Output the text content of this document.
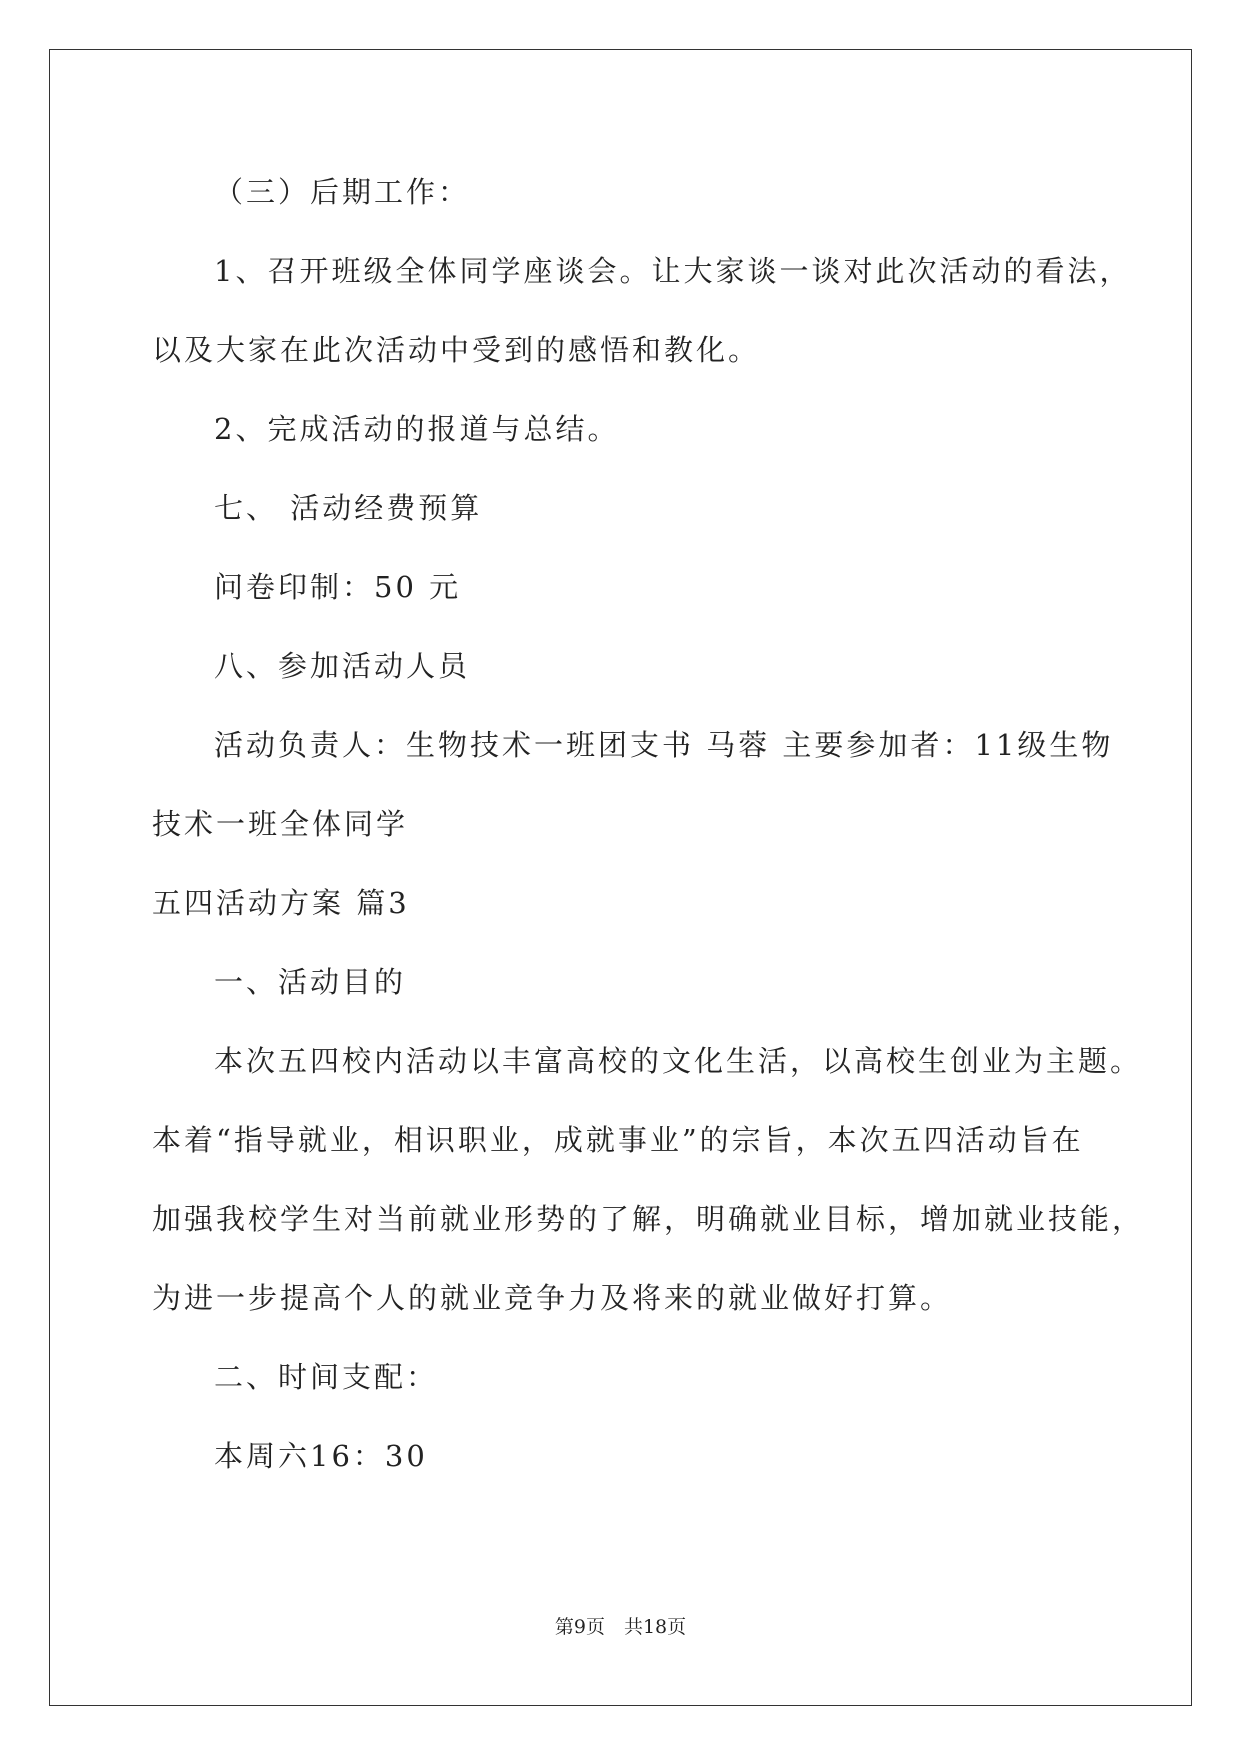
（三）后期工作：
1、召开班级全体同学座谈会。让大家谈一谈对此次活动的看法，
以及大家在此次活动中受到的感悟和教化。
2、完成活动的报道与总结。
七、 活动经费预算
问卷印制：50 元
八、参加活动人员
活动负责人：生物技术一班团支书 马蓉 主要参加者：11级生物
技术一班全体同学
五四活动方案 篇3
一、活动目的
本次五四校内活动以丰富高校的文化生活，以高校生创业为主题。
本着“指导就业，相识职业，成就事业”的宗旨，本次五四活动旨在
加强我校学生对当前就业形势的了解，明确就业目标，增加就业技能，
为进一步提高个人的就业竞争力及将来的就业做好打算。
二、时间支配：
本周六16：30
第9页　共18页
